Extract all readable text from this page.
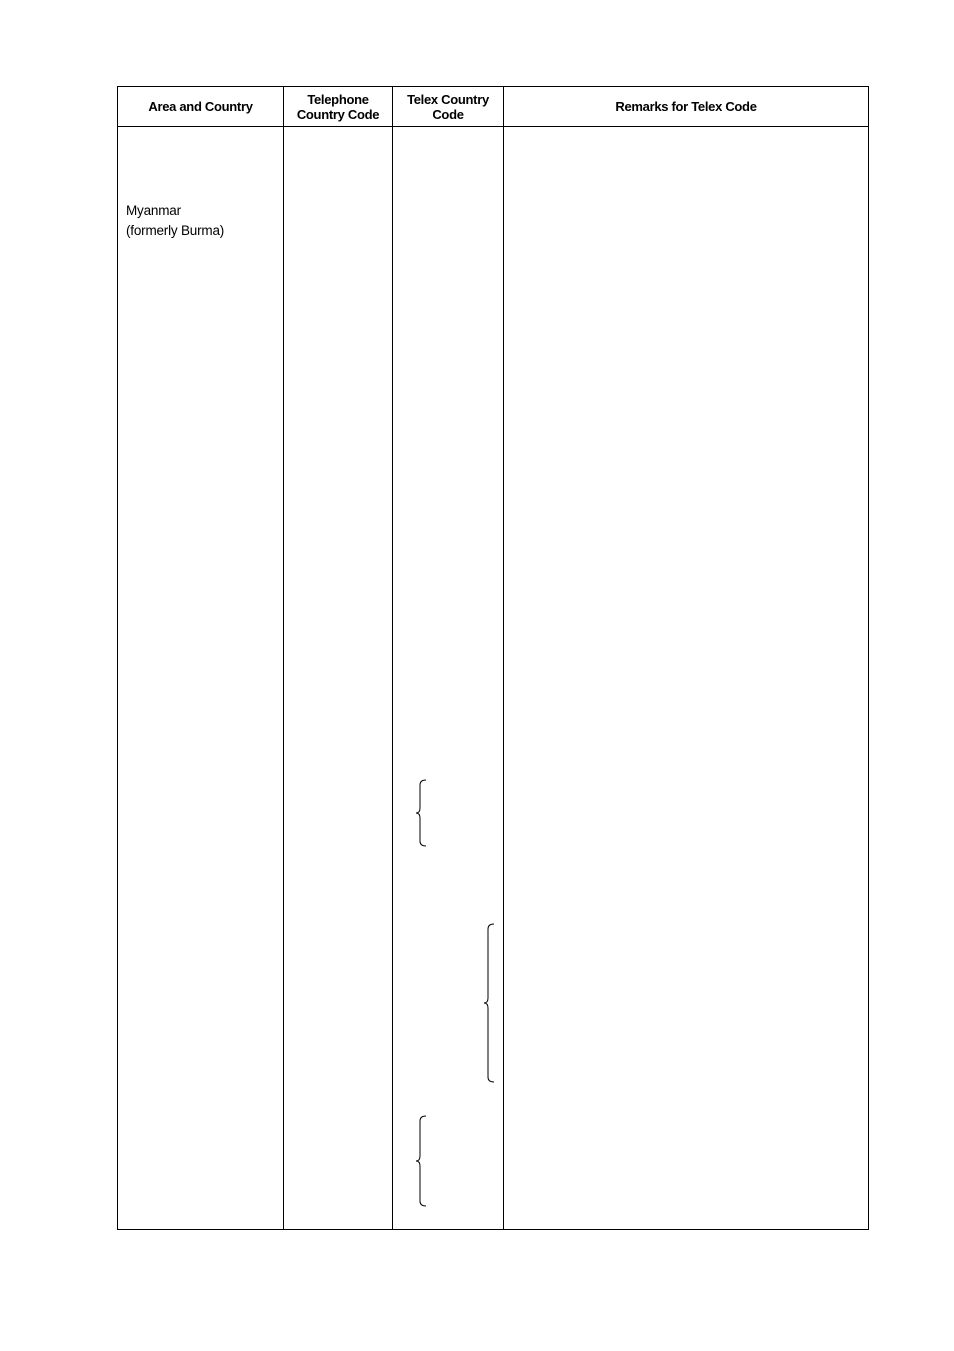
Area and Country	Telephone Country Code
Telex Country Code	Remarks for Telex Code
Myanmar
(formerly Burma)
